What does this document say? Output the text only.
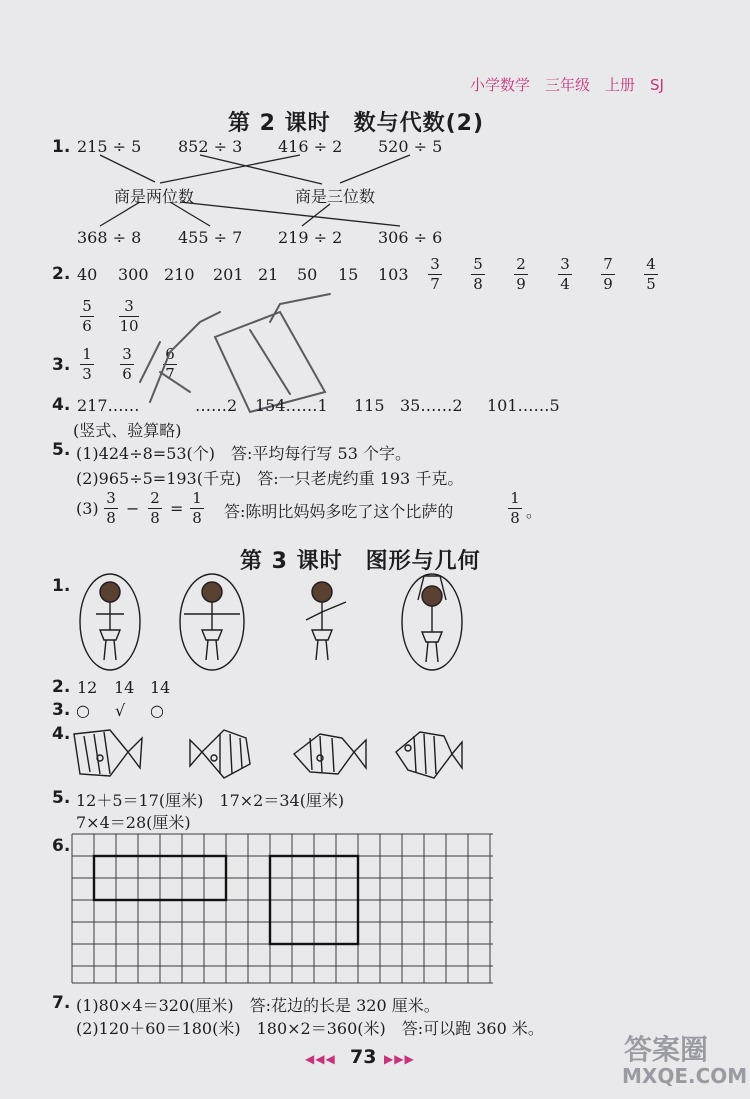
小学数学　三年级　上册　SJ
第 2 课时　数与代数(2)
1. 215 ÷ 5 852 ÷ 3 416 ÷ 2 520 ÷ 5
商是两位数	商是三位数
368 ÷ 8 455 ÷ 7 219 ÷ 2 306 ÷ 6
2. 40 300 210 201 21 50 15 103
3
7
5
8
2
9
3
4
7
9
4
5
5
6
3
10
3.
1
3
3
6
6
7
4. 217……	……2 154……1 115 35……2 101……5
(竖式、验算略)
5. (1)424÷8=53(个)　答:平均每行写 53 个字。
(2)965÷5=193(千克)　答:一只老虎约重 193 千克。
(3)
3
8 −
2
8 =
1
8 答:陈明比妈妈多吃了这个比萨的
1
8 。
第 3 课时　图形与几何
1.
2. 12 14 14
3. ○ √ ○
4.
5. 12＋5＝17(厘米)　17×2＝34(厘米)
7×4＝28(厘米)
6.
7. (1)80×4＝320(厘米)　答:花边的长是 320 厘米。
(2)120＋60＝180(米)　180×2＝360(米)　答:可以跑 360 米。
◀◀◀ 73 ▶▶▶	答案圈
MXQE.COM
